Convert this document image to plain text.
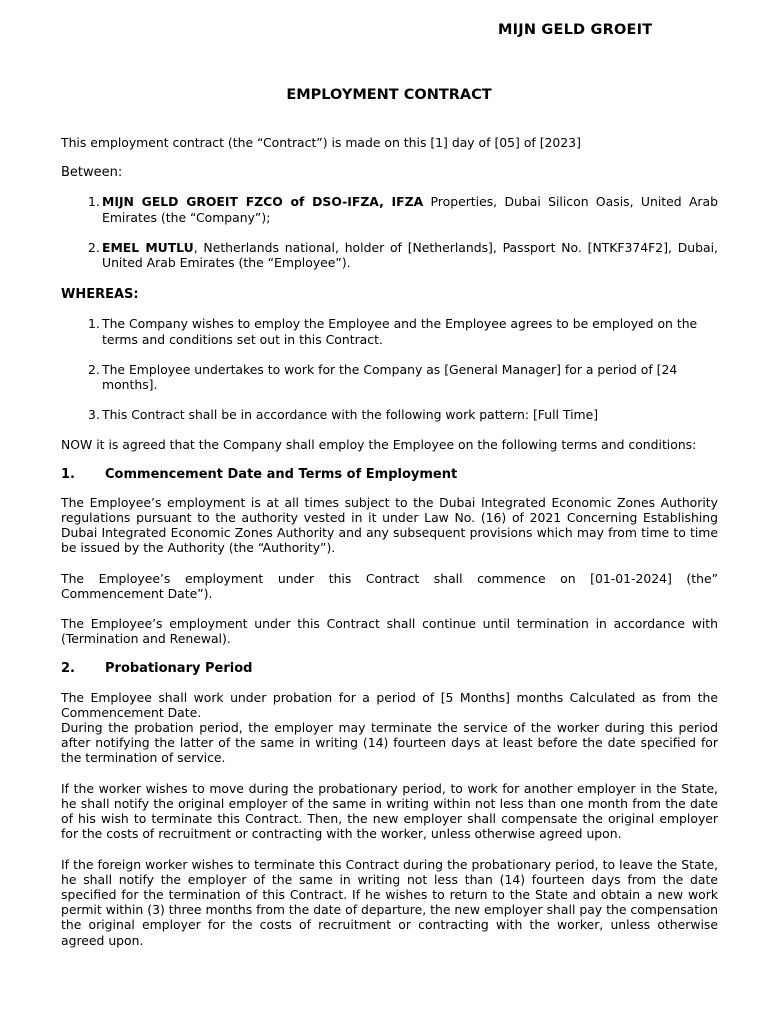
MIJN GELD GROEIT
EMPLOYMENT CONTRACT

This employment contract (the “Contract”) is made on this [1] day of [05] of [2023]

Between:

1. MIJN GELD GROEIT FZCO of DSO-IFZA, IFZA Properties, Dubai Silicon Oasis, United Arab Emirates (the “Company”);

2. EMEL MUTLU, Netherlands national, holder of [Netherlands], Passport No. [NTKF374F2], Dubai, United Arab Emirates (the “Employee”).

WHEREAS:

1. The Company wishes to employ the Employee and the Employee agrees to be employed on the terms and conditions set out in this Contract.

2. The Employee undertakes to work for the Company as [General Manager] for a period of [24 months].

3. This Contract shall be in accordance with the following work pattern: [Full Time]

NOW it is agreed that the Company shall employ the Employee on the following terms and conditions:

1.	Commencement Date and Terms of Employment

The Employee’s employment is at all times subject to the Dubai Integrated Economic Zones Authority regulations pursuant to the authority vested in it under Law No. (16) of 2021 Concerning Establishing Dubai Integrated Economic Zones Authority and any subsequent provisions which may from time to time be issued by the Authority (the “Authority”).

The Employee’s employment under this Contract shall commence on [01-01-2024] (the” Commencement Date”).

The Employee’s employment under this Contract shall continue until termination in accordance with (Termination and Renewal).

2.	Probationary Period

The Employee shall work under probation for a period of [5 Months] months Calculated as from the Commencement Date.

During the probation period, the employer may terminate the service of the worker during this period after notifying the latter of the same in writing (14) fourteen days at least before the date specified for the termination of service.

If the worker wishes to move during the probationary period, to work for another employer in the State, he shall notify the original employer of the same in writing within not less than one month from the date of his wish to terminate this Contract. Then, the new employer shall compensate the original employer for the costs of recruitment or contracting with the worker, unless otherwise agreed upon.

If the foreign worker wishes to terminate this Contract during the probationary period, to leave the State, he shall notify the employer of the same in writing not less than (14) fourteen days from the date specified for the termination of this Contract. If he wishes to return to the State and obtain a new work permit within (3) three months from the date of departure, the new employer shall pay the compensation the original employer for the costs of recruitment or contracting with the worker, unless otherwise agreed upon.
